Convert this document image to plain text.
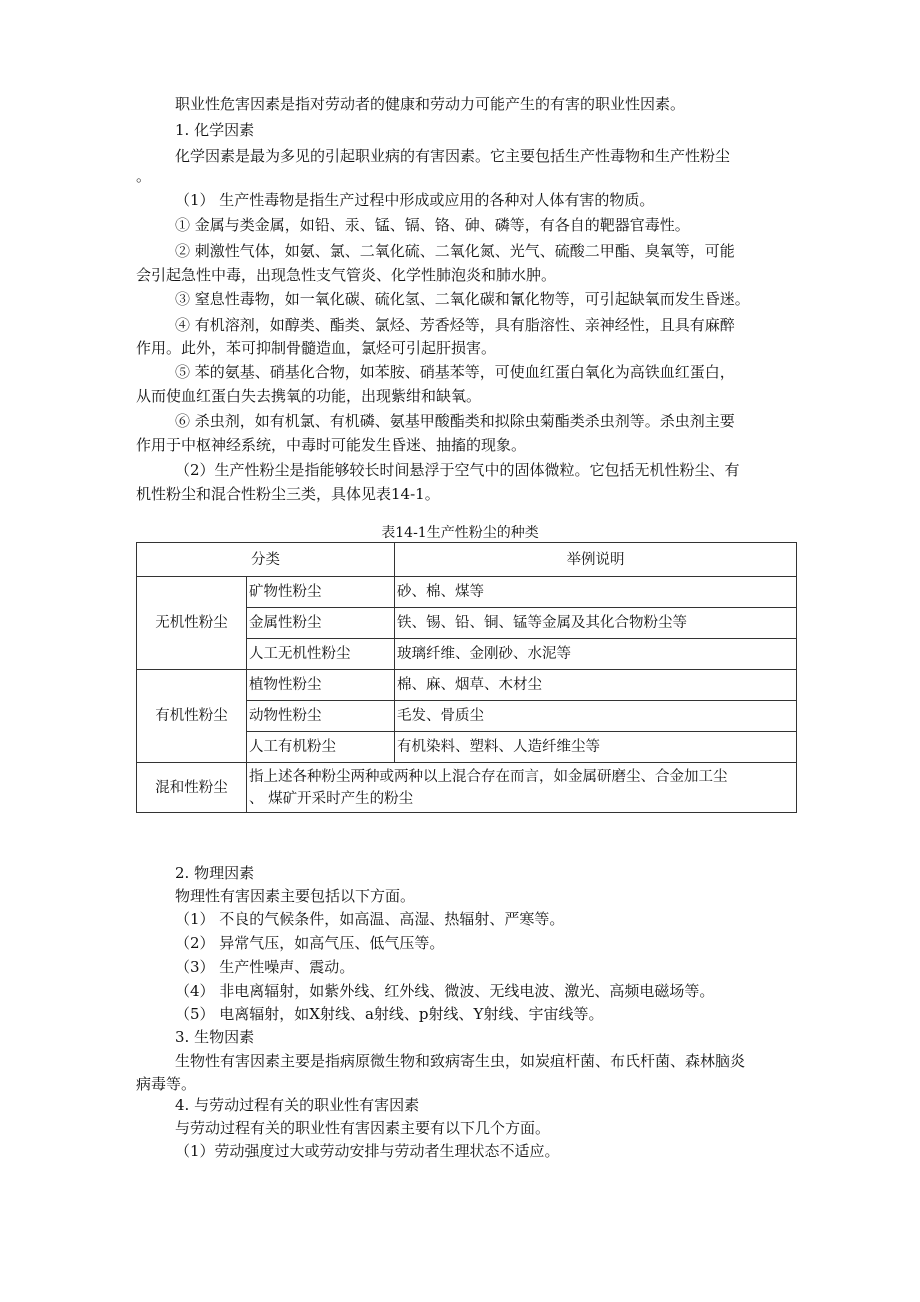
职业性危害因素是指对劳动者的健康和劳动力可能产生的有害的职业性因素。
1. 化学因素
化学因素是最为多见的引起职业病的有害因素。它主要包括生产性毒物和生产性粉尘
。
（1） 生产性毒物是指生产过程中形成或应用的各种对人体有害的物质。
① 金属与类金属，如铅、汞、锰、镉、铬、砷、磷等，有各自的靶器官毒性。
② 刺激性气体，如氨、氯、二氧化硫、二氧化氮、光气、硫酸二甲酯、臭氧等，可能
会引起急性中毒，出现急性支气管炎、化学性肺泡炎和肺水肿。
③ 窒息性毒物，如一氧化碳、硫化氢、二氧化碳和氰化物等，可引起缺氧而发生昏迷。
④ 有机溶剂，如醇类、酯类、氯烃、芳香烃等，具有脂溶性、亲神经性，且具有麻醉
作用。此外，苯可抑制骨髓造血，氯烃可引起肝损害。
⑤ 苯的氨基、硝基化合物，如苯胺、硝基苯等，可使血红蛋白氧化为高铁血红蛋白，
从而使血红蛋白失去携氧的功能，出现紫绀和缺氧。
⑥ 杀虫剂，如有机氯、有机磷、氨基甲酸酯类和拟除虫菊酯类杀虫剂等。杀虫剂主要
作用于中枢神经系统，中毒时可能发生昏迷、抽搐的现象。
（2）生产性粉尘是指能够较长时间悬浮于空气中的固体微粒。它包括无机性粉尘、有
机性粉尘和混合性粉尘三类，具体见表14-1。
表14-1生产性粉尘的种类
分类		举例说明
无机性粉尘	矿物性粉尘	砂、棉、煤等
	金属性粉尘	铁、锡、铅、铜、锰等金属及其化合物粉尘等
	人工无机性粉尘	玻璃纤维、金刚砂、水泥等
有机性粉尘	植物性粉尘	棉、麻、烟草、木材尘
	动物性粉尘	毛发、骨质尘
	人工有机粉尘	有机染料、塑料、人造纤维尘等
混和性粉尘	指上述各种粉尘两种或两种以上混合存在而言，如金属研磨尘、合金加工尘
、 煤矿开采时产生的粉尘	
2. 物理因素
物理性有害因素主要包括以下方面。
（1） 不良的气候条件，如高温、高湿、热辐射、严寒等。
（2） 异常气压，如高气压、低气压等。
（3） 生产性噪声、震动。
（4） 非电离辐射，如紫外线、红外线、微波、无线电波、激光、高频电磁场等。
（5） 电离辐射，如X射线、a射线、p射线、Y射线、宇宙线等。
3. 生物因素
生物性有害因素主要是指病原微生物和致病寄生虫，如炭疽杆菌、布氏杆菌、森林脑炎
病毒等。
4. 与劳动过程有关的职业性有害因素
与劳动过程有关的职业性有害因素主要有以下几个方面。
（1）劳动强度过大或劳动安排与劳动者生理状态不适应。
